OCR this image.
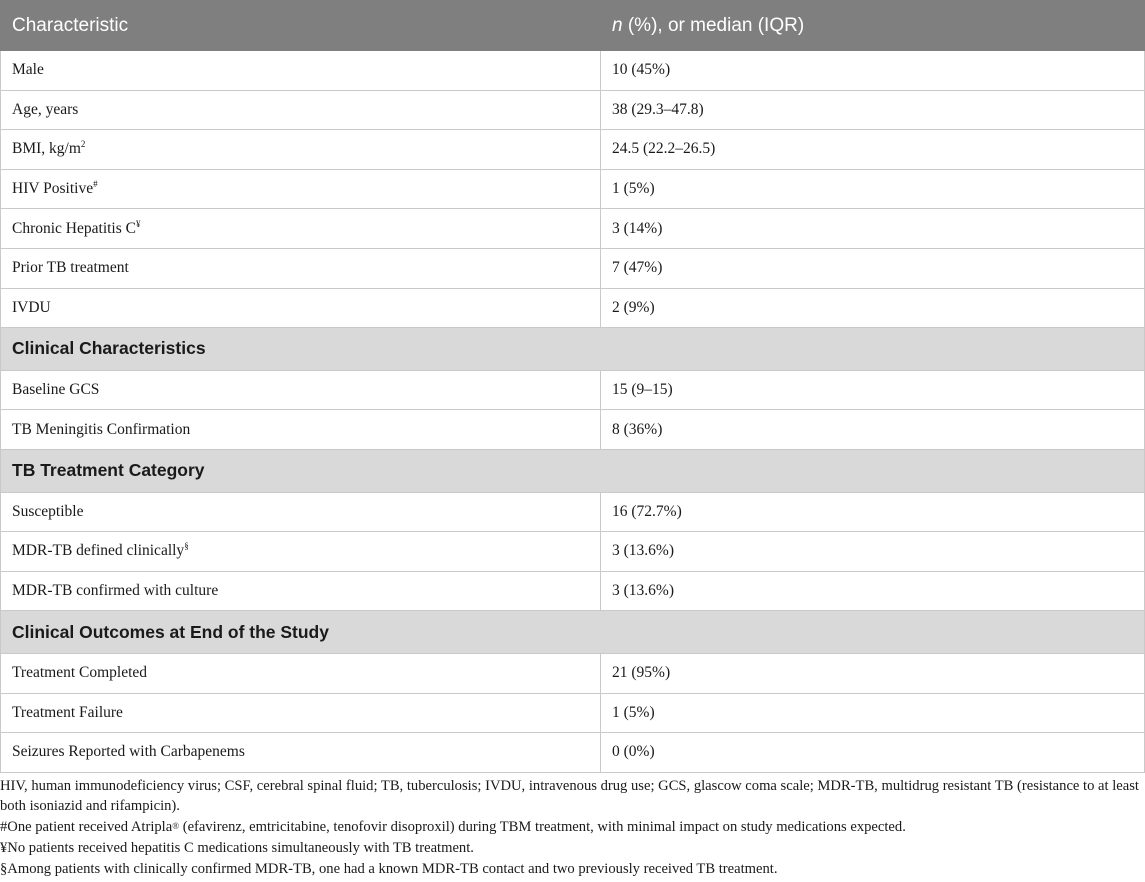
Characteristic	n (%), or median (IQR)
Male	10 (45%)
Age, years	38 (29.3–47.8)
BMI, $kg/m^2$	24.5 (22.2–26.5)
HIV Positive#	1 (5%)
Chronic Hepatitis C¥	3 (14%)
Prior TB treatment	7 (47%)
IVDU	2 (9%)
Clinical Characteristics	
Baseline GCS	15 (9–15)
TB Meningitis Confirmation	8 (36%)
TB Treatment Category	
Susceptible	16 (72.7%)
MDR-TB defined clinically§	3 (13.6%)
MDR-TB confirmed with culture	3 (13.6%)
Clinical Outcomes at End of the Study	
Treatment Completed	21 (95%)
Treatment Failure	1 (5%)
Seizures Reported with Carbapenems	0 (0%)

HIV, human immunodeficiency virus; CSF, cerebral spinal fluid; TB, tuberculosis; IVDU, intravenous drug use; GCS, glascow coma scale; MDR-TB, multidrug resistant TB (resistance to at least both isoniazid and rifampicin).

#One patient received Atripla® (efavirenz, emtricitabine, tenofovir disoproxil) during TBM treatment, with minimal impact on study medications expected.

¥No patients received hepatitis C medications simultaneously with TB treatment.

§Among patients with clinically confirmed MDR-TB, one had a known MDR-TB contact and two previously received TB treatment.
